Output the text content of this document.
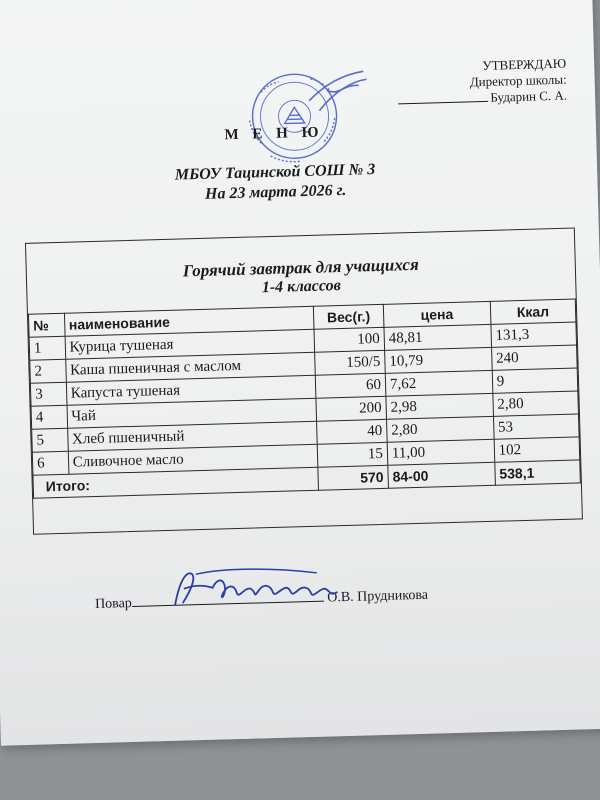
УТВЕРЖДАЮ
Директор школы:
Бударин С. А.
М Е Н Ю
МБОУ Тацинской СОШ № 3
На 23 марта 2026 г.
Горячий завтрак для учащихся
1-4 классов
№	наименование	Вес(г.)	цена	Ккал
1	Курица тушеная	100	48,81	131,3
2	Каша пшеничная с маслом	150/5	10,79	240
3	Капуста тушеная	60	7,62	9
4	Чай	200	2,98	2,80
5	Хлеб пшеничный	40	2,80	53
6	Сливочное масло	15	11,00	102
Итого:		570	84-00	538,1
Повар	О.В. Прудникова
